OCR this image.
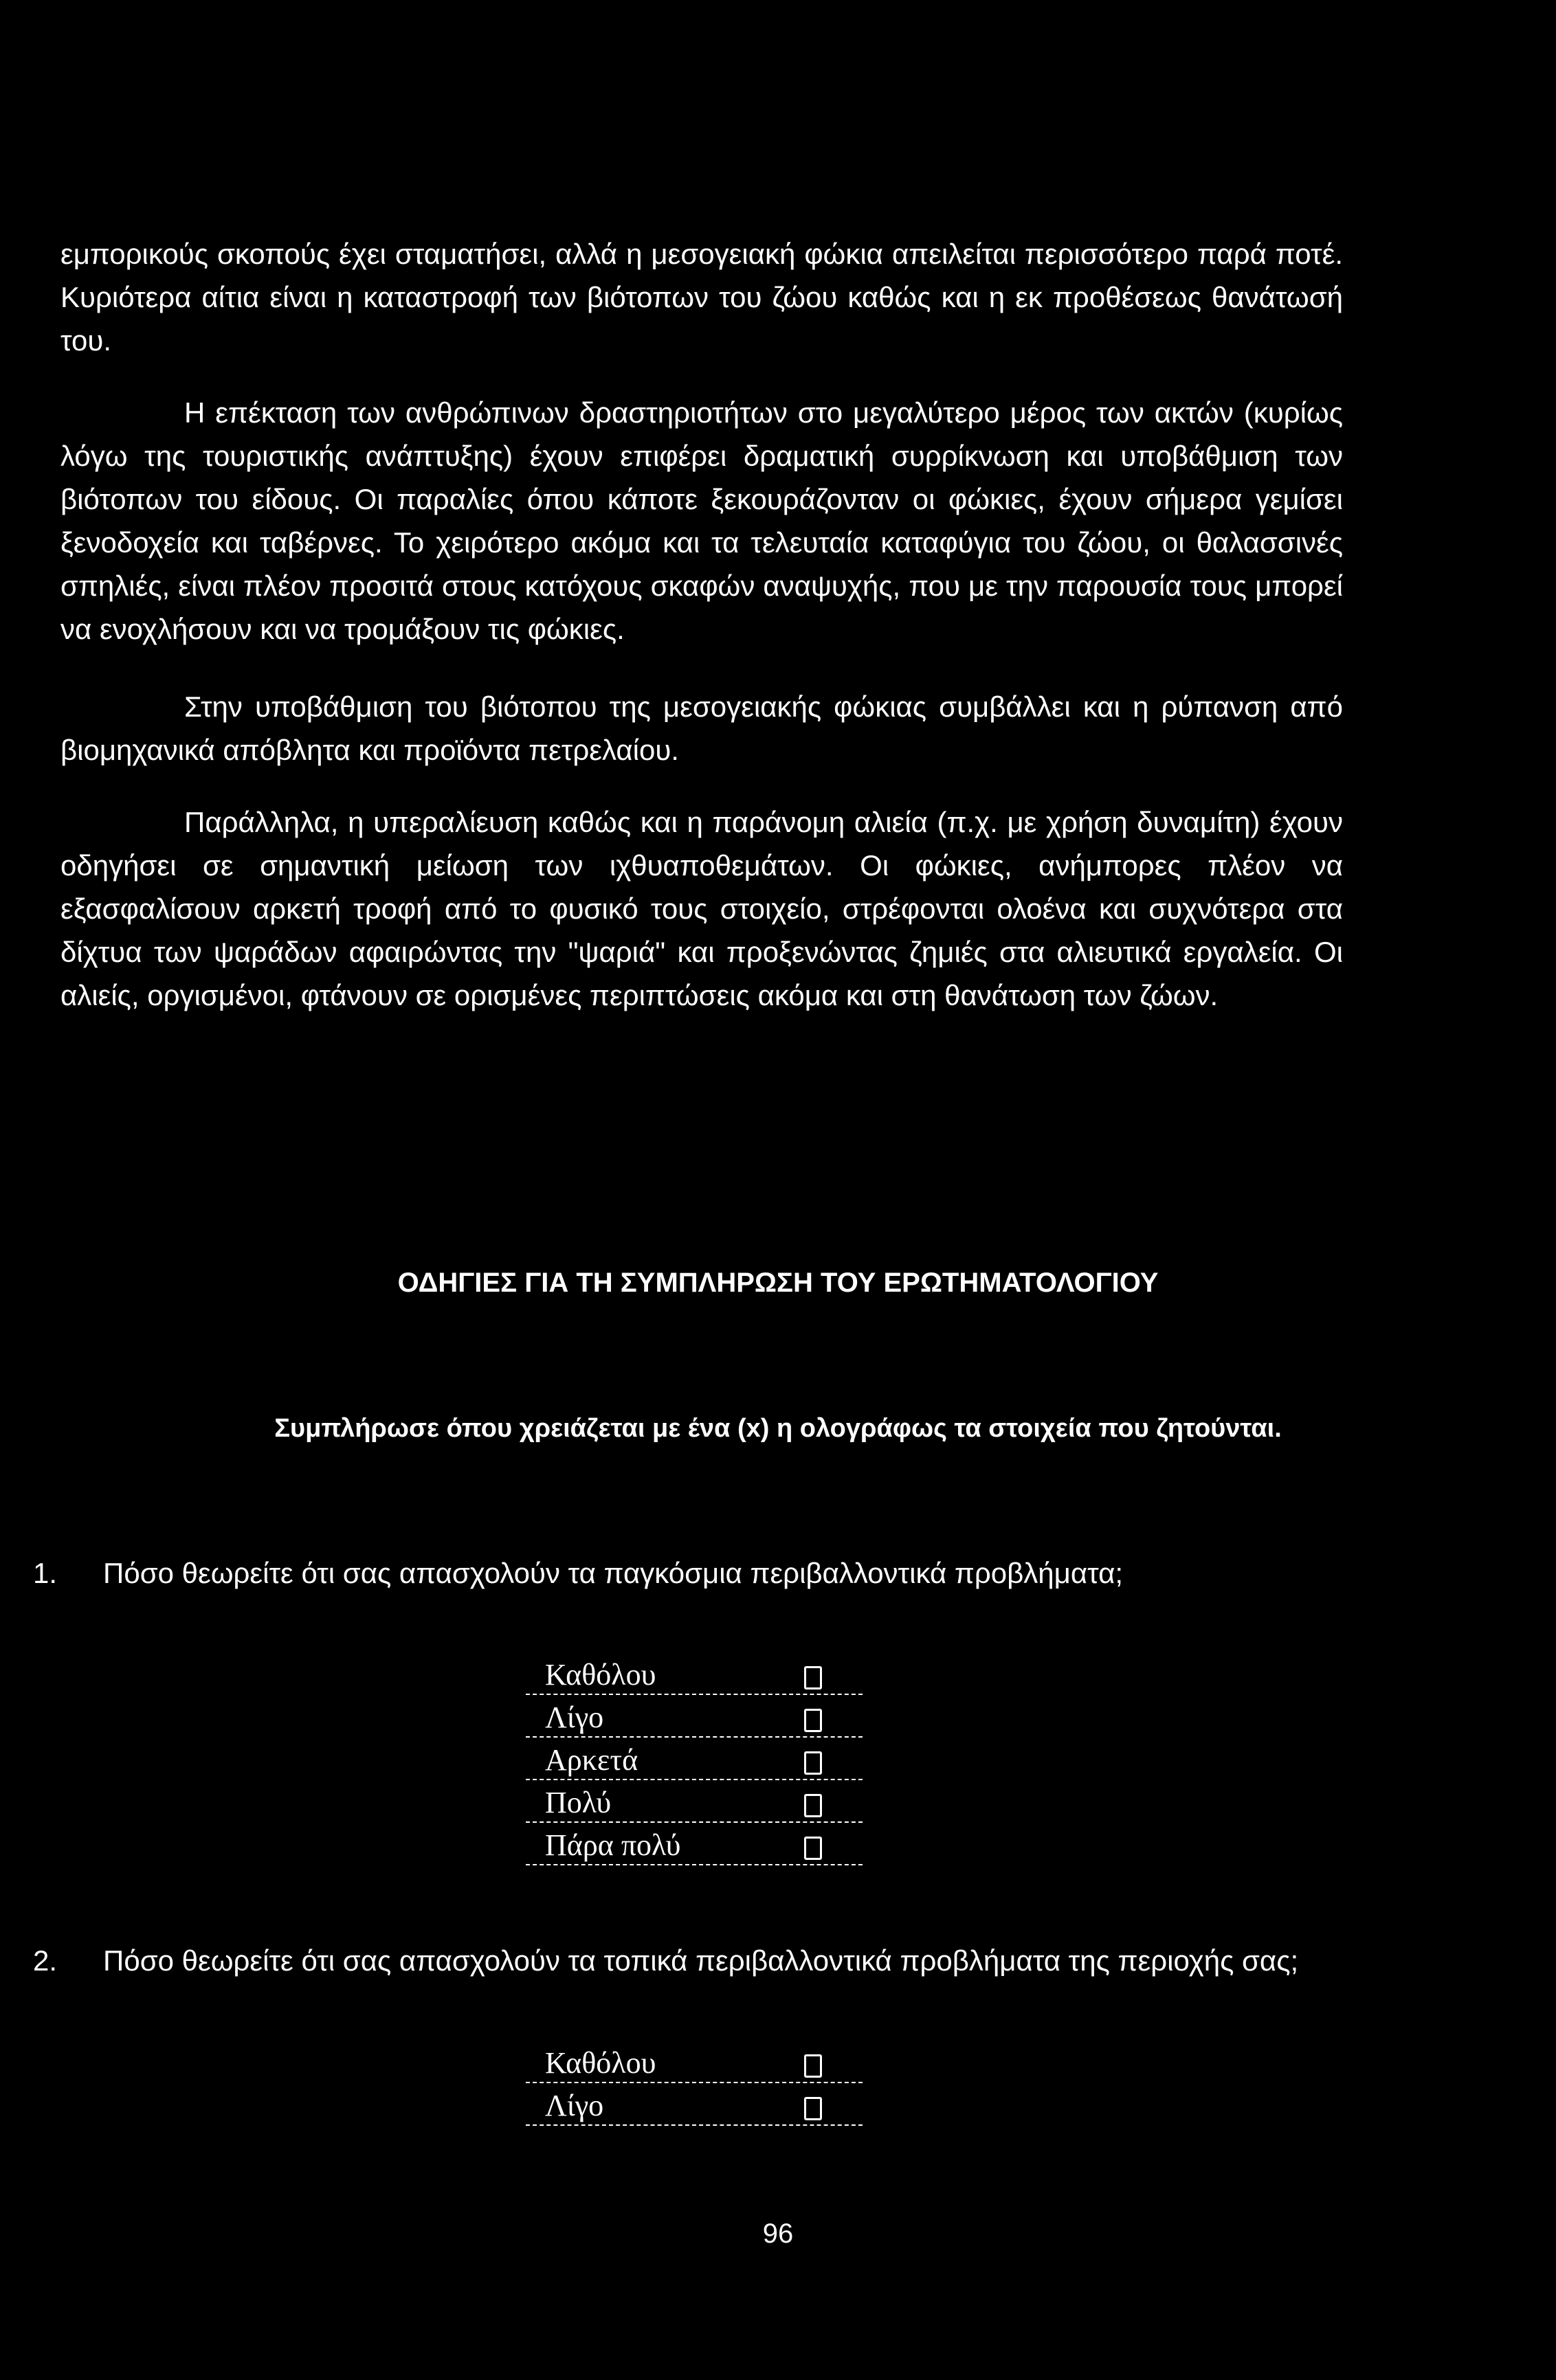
εμπορικούς σκοπούς έχει σταματήσει, αλλά η μεσογειακή φώκια απειλείται περισσότερο παρά ποτέ. Κυριότερα αίτια είναι η καταστροφή των βιότοπων του ζώου καθώς και η εκ προθέσεως θανάτωσή του.

Η επέκταση των ανθρώπινων δραστηριοτήτων στο μεγαλύτερο μέρος των ακτών (κυρίως λόγω της τουριστικής ανάπτυξης) έχουν επιφέρει δραματική συρρίκνωση και υποβάθμιση των βιότοπων του είδους. Οι παραλίες όπου κάποτε ξεκουράζονταν οι φώκιες, έχουν σήμερα γεμίσει ξενοδοχεία και ταβέρνες. Το χειρότερο ακόμα και τα τελευταία καταφύγια του ζώου, οι θαλασσινές σπηλιές, είναι πλέον προσιτά στους κατόχους σκαφών αναψυχής, που με την παρουσία τους μπορεί να ενοχλήσουν και να τρομάξουν τις φώκιες.

Στην υποβάθμιση του βιότοπου της μεσογειακής φώκιας συμβάλλει και η ρύπανση από βιομηχανικά απόβλητα και προϊόντα πετρελαίου.

Παράλληλα, η υπεραλίευση καθώς και η παράνομη αλιεία (π.χ. με χρήση δυναμίτη) έχουν οδηγήσει σε σημαντική μείωση των ιχθυαποθεμάτων. Οι φώκιες, ανήμπορες πλέον να εξασφαλίσουν αρκετή τροφή από το φυσικό τους στοιχείο, στρέφονται ολοένα και συχνότερα στα δίχτυα των ψαράδων αφαιρώντας την "ψαριά" και προξενώντας ζημιές στα αλιευτικά εργαλεία. Οι αλιείς, οργισμένοι, φτάνουν σε ορισμένες περιπτώσεις ακόμα και στη θανάτωση των ζώων.

ΟΔΗΓΙΕΣ ΓΙΑ ΤΗ ΣΥΜΠΛΗΡΩΣΗ ΤΟΥ ΕΡΩΤΗΜΑΤΟΛΟΓΙΟΥ

Συμπλήρωσε όπου χρειάζεται με ένα (x) η ολογράφως τα στοιχεία που ζητούνται.

1. Πόσο θεωρείτε ότι σας απασχολούν τα παγκόσμια περιβαλλοντικά προβλήματα;

Καθόλου
Λίγο
Αρκετά
Πολύ
Πάρα πολύ

2. Πόσο θεωρείτε ότι σας απασχολούν τα τοπικά περιβαλλοντικά προβλήματα της περιοχής σας;

Καθόλου
Λίγο
96
